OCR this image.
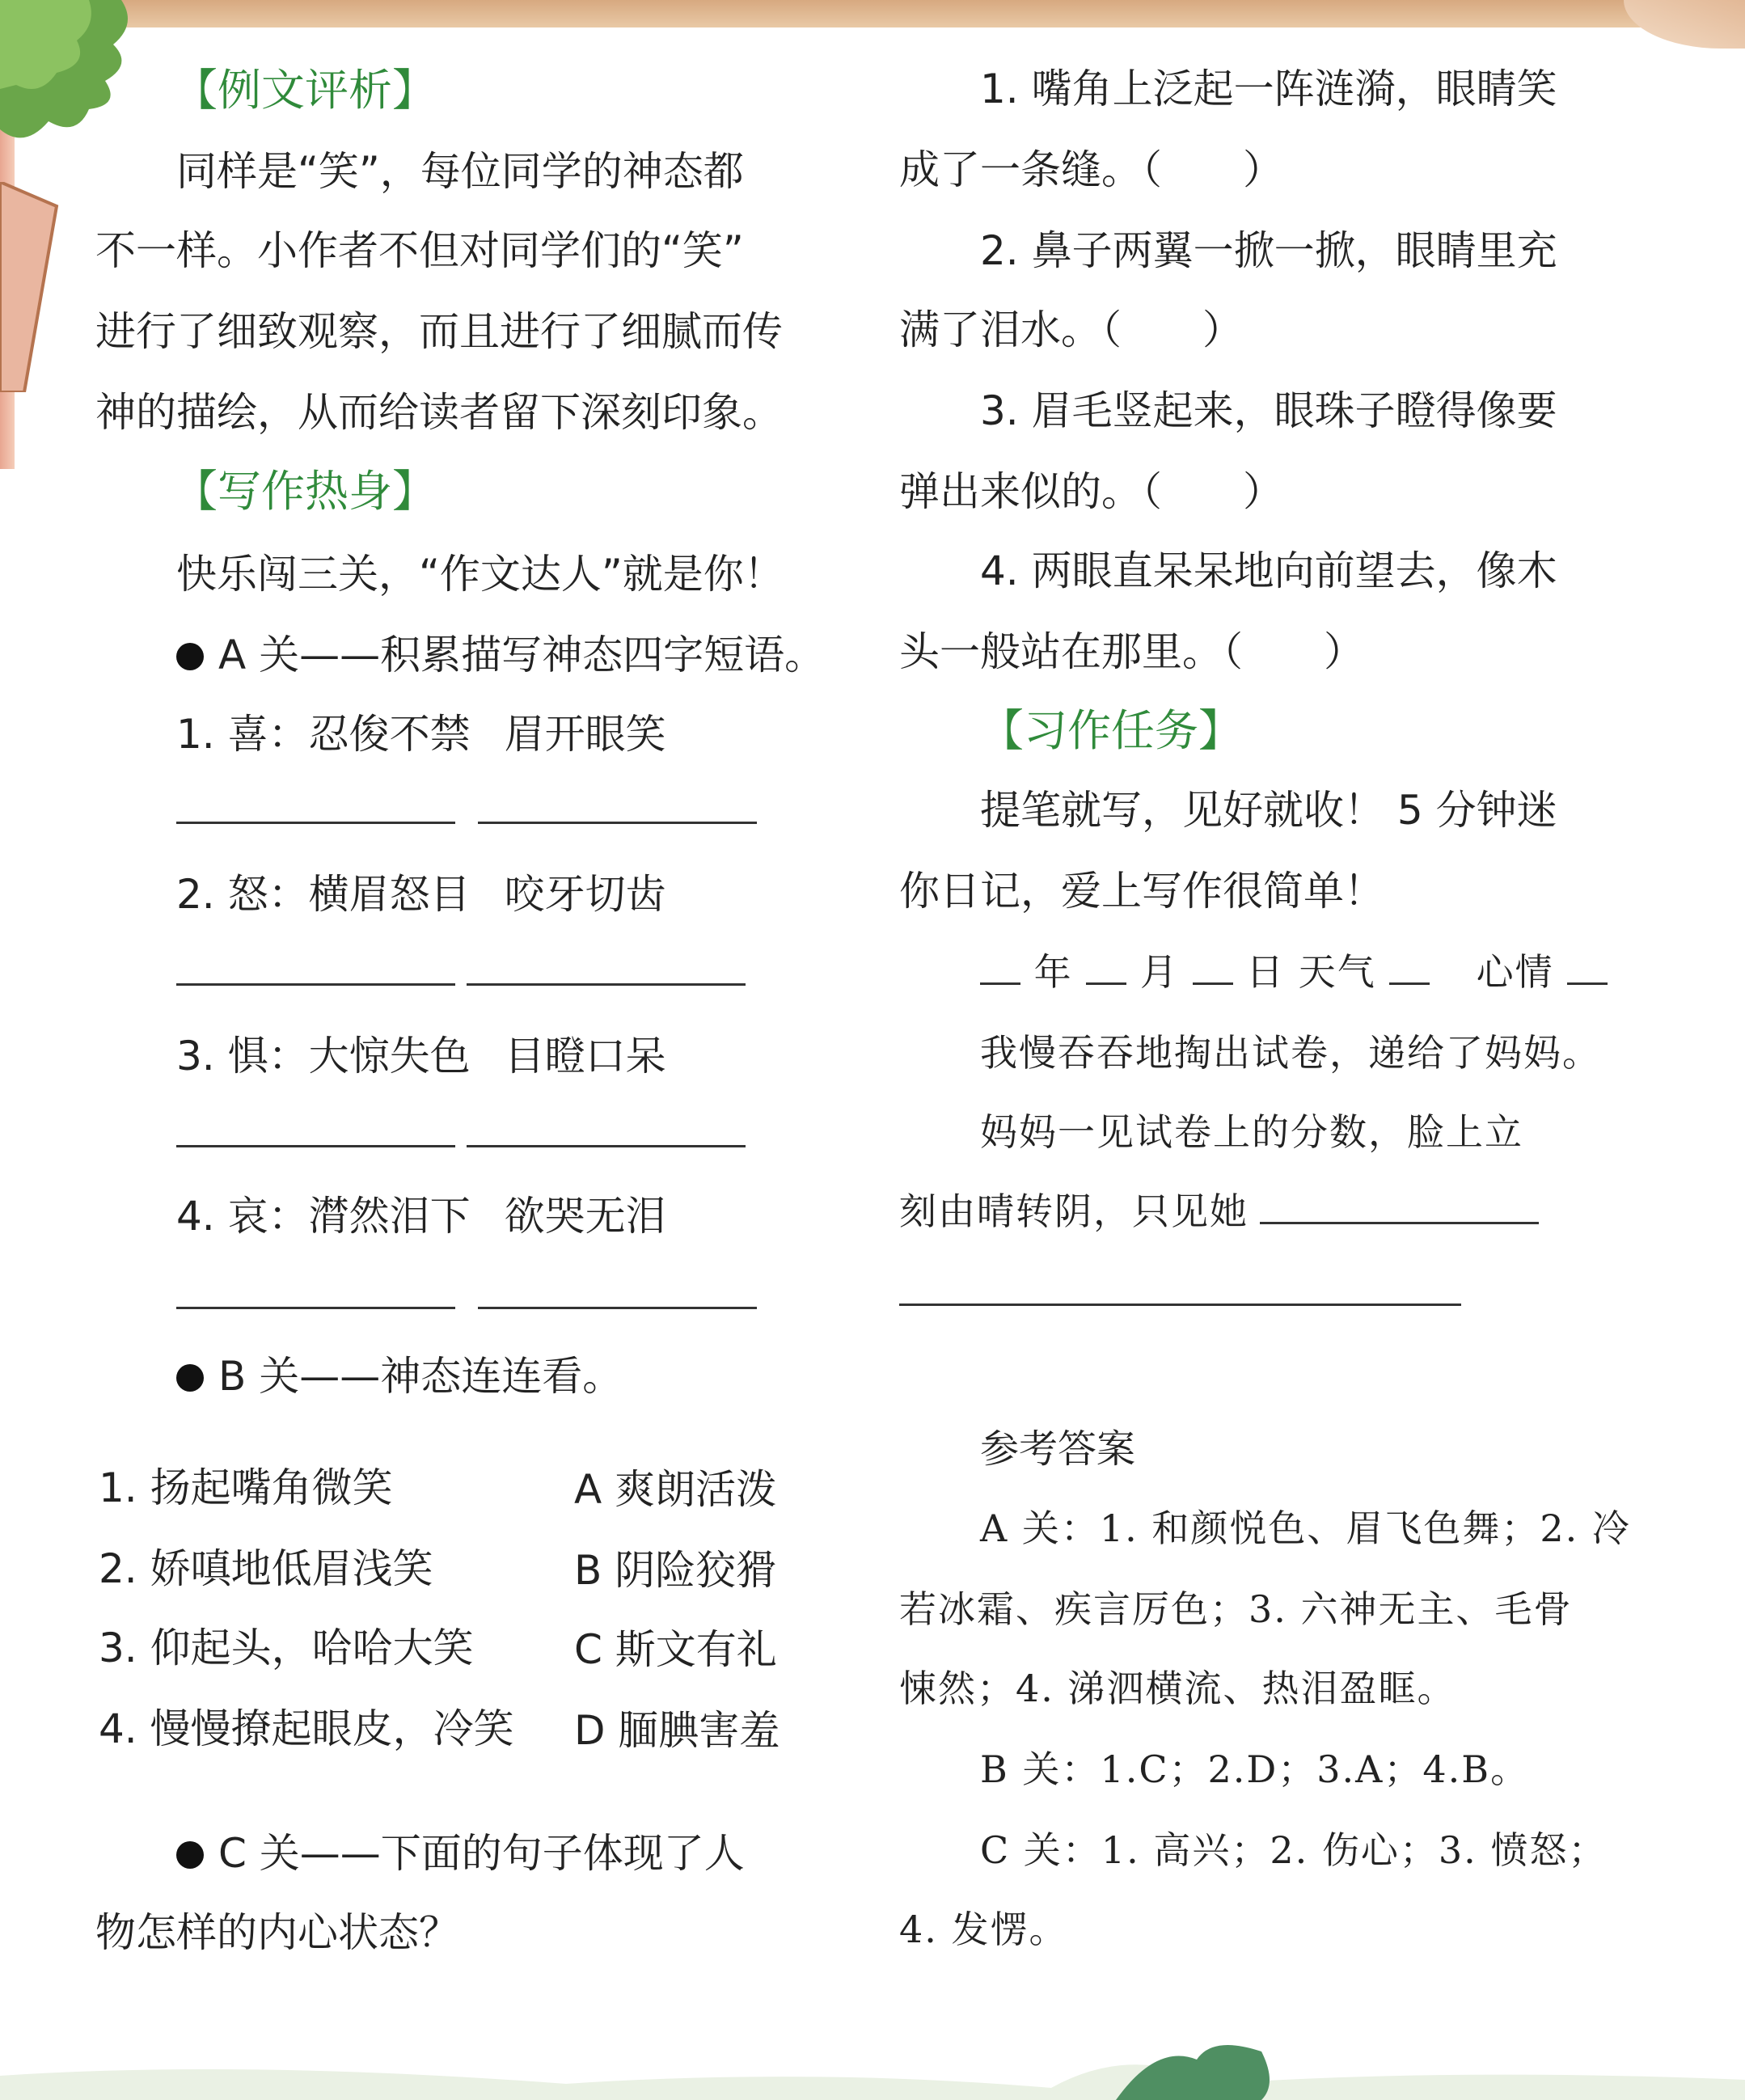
【例文评析】
同样是“笑”，每位同学的神态都
不一样。小作者不但对同学们的“笑”
进行了细致观察，而且进行了细腻而传
神的描绘，从而给读者留下深刻印象。
【写作热身】
快乐闯三关，“作文达人”就是你！
A 关——积累描写神态四字短语。
1. 喜：忍俊不禁 眉开眼笑
2. 怒：横眉怒目 咬牙切齿
3. 惧：大惊失色 目瞪口呆
4. 哀：潸然泪下 欲哭无泪
B 关——神态连连看。
1. 扬起嘴角微笑
2. 娇嗔地低眉浅笑
3. 仰起头，哈哈大笑
4. 慢慢撩起眼皮，冷笑
A 爽朗活泼
B 阴险狡猾
C 斯文有礼
D 腼腆害羞
C 关——下面的句子体现了人
物怎样的内心状态？
1. 嘴角上泛起一阵涟漪，眼睛笑
成了一条缝。（　　）
2. 鼻子两翼一掀一掀，眼睛里充
满了泪水。（　　）
3. 眉毛竖起来，眼珠子瞪得像要
弹出来似的。（　　）
4. 两眼直呆呆地向前望去，像木
头一般站在那里。（　　）
【习作任务】
提笔就写，见好就收！ 5 分钟迷
你日记，爱上写作很简单！
年 月 日 天气	心情
我慢吞吞地掏出试卷，递给了妈妈。
妈妈一见试卷上的分数，脸上立
刻由晴转阴，只见她
参考答案
A 关：1. 和颜悦色、眉飞色舞；2. 冷
若冰霜、疾言厉色；3. 六神无主、毛骨
悚然；4. 涕泗横流、热泪盈眶。
B 关：1.C；2.D；3.A；4.B。
C 关：1. 高兴；2. 伤心；3. 愤怒；
4. 发愣。
